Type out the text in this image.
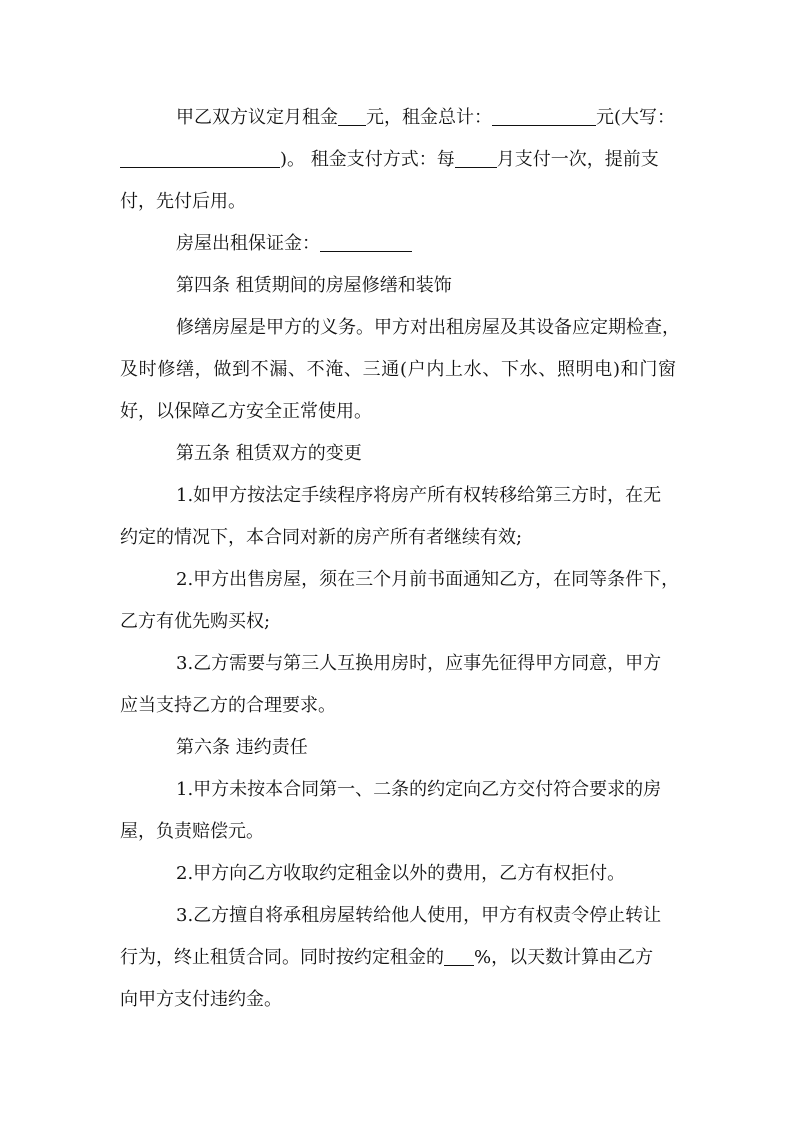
甲乙双方议定月租金 元，租金总计：	元(大写：
)。 租金支付方式：每 月支付一次，提前支
付，先付后用。
房屋出租保证金：
第四条 租赁期间的房屋修缮和装饰
修缮房屋是甲方的义务。甲方对出租房屋及其设备应定期检查，
及时修缮，做到不漏、不淹、三通(户内上水、下水、照明电)和门窗
好，以保障乙方安全正常使用。
第五条 租赁双方的变更
1.如甲方按法定手续程序将房产所有权转移给第三方时，在无
约定的情况下，本合同对新的房产所有者继续有效;
2.甲方出售房屋，须在三个月前书面通知乙方，在同等条件下，
乙方有优先购买权;
3.乙方需要与第三人互换用房时，应事先征得甲方同意，甲方
应当支持乙方的合理要求。
第六条 违约责任
1.甲方未按本合同第一、二条的约定向乙方交付符合要求的房
屋，负责赔偿元。
2.甲方向乙方收取约定租金以外的费用，乙方有权拒付。
3.乙方擅自将承租房屋转给他人使用，甲方有权责令停止转让
行为，终止租赁合同。同时按约定租金的 %，以天数计算由乙方
向甲方支付违约金。
